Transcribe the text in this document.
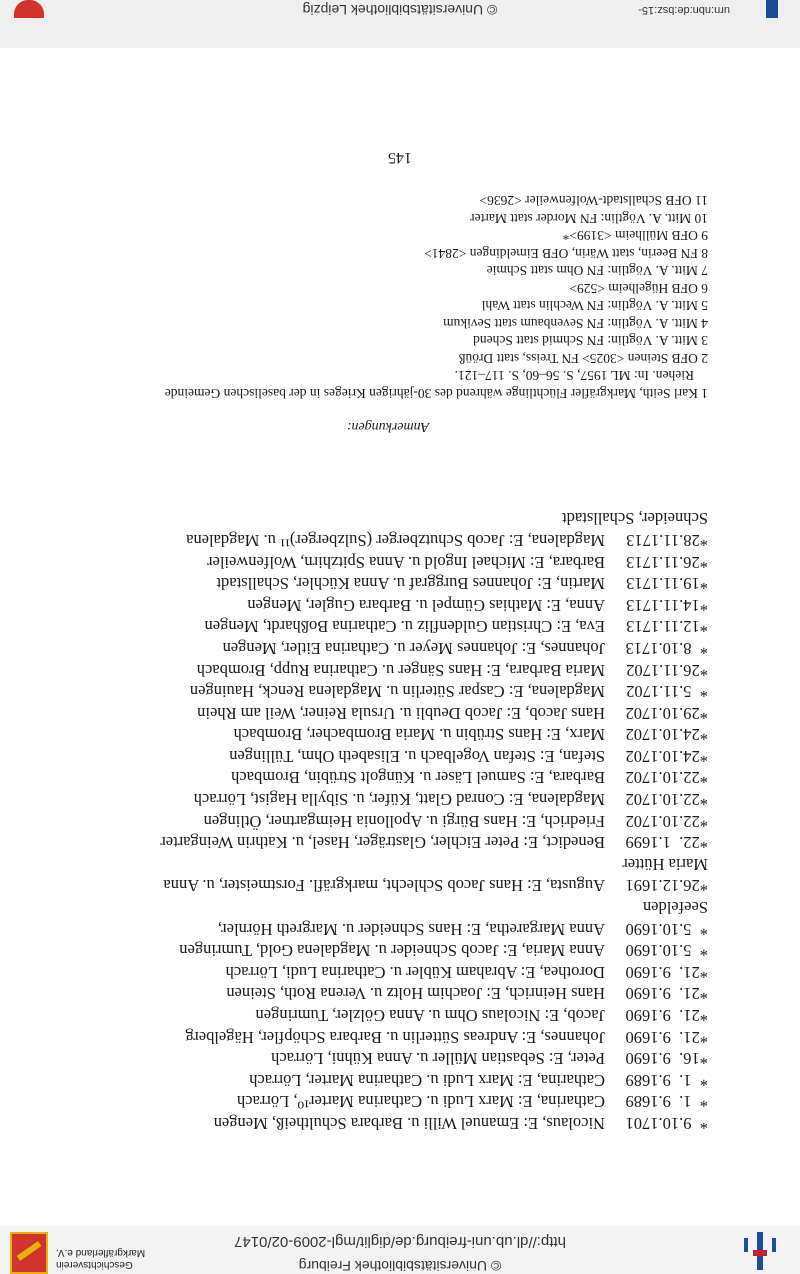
© Universitätsbibliothek Freiburg
http://dl.ub.uni-freiburg.de/diglit/mgl-2009-02/0147
Geschichtsverein
Markgräflerland e.V.
*  9.10.1701
Nicolaus, E: Emanuel Willi u. Barbara Schultheiß, Mengen
*  1.  9.1689
Catharina, E: Marx Ludi u. Catharina Marter¹⁰, Lörrach
*  1.  9.1689
Catharina, E: Marx Ludi u. Catharina Marter, Lörrach
*16.  9.1690
Peter, E: Sebastian Müller u. Anna Kühni, Lörrach
*21.  9.1690
Johannes, E: Andreas Sütterlin u. Barbara Schöpfler, Hägelberg
*21.  9.1690
Jacob, E: Nicolaus Ohm u. Anna Gölzler, Tumringen
*21.  9.1690
Hans Heinrich, E: Joachim Holtz u. Verena Roth, Steinen
*21.  9.1690
Dorothea, E: Abraham Kübler u. Catharina Ludi, Lörrach
*  5.10.1690
Anna Maria, E: Jacob Schneider u. Magdalena Gold, Tumringen
*  5.10.1690
Anna Margaretha, E: Hans Schneider u. Margreth Hörnler,
Seefelden
*26.12.1691
Augusta, E: Hans Jacob Schlecht, markgräfl. Forstmeister, u. Anna
Maria Hütter
*22.  1.1699
Benedict, E: Peter Eichler, Glasträger, Hasel, u. Kathrin Weingarter
*22.10.1702
Friedrich, E: Hans Bürgi u. Apollonia Heimgartner, Ötlingen
*22.10.1702
Magdalena, E: Conrad Glatt, Küfer, u. Sibylla Hagist, Lörrach
*22.10.1702
Barbara, E: Samuel Läser u. Küngolt Strübin, Brombach
*24.10.1702
Stefan, E: Stefan Vogelbach u. Elisabeth Ohm, Tüllingen
*24.10.1702
Marx, E: Hans Strübin u. Maria Brombacher, Brombach
*29.10.1702
Hans Jacob, E: Jacob Deubli u. Ursula Reiner, Weil am Rhein
*  5.11.1702
Magdalena, E: Caspar Süterlin u. Magdalena Renck, Hauingen
*26.11.1702
Maria Barbara, E: Hans Sänger u. Catharina Rupp, Brombach
*  8.10.1713
Johannes, E: Johannes Meyer u. Catharina Eitler, Mengen
*12.11.1713
Eva, E: Christian Guldenfliz u. Catharina Boßhardt, Mengen
*14.11.1713
Anna, E: Mathias Gümpel u. Barbara Gugler, Mengen
*19.11.1713
Martin, E: Johannes Burggraf u. Anna Küchler, Schallstadt
*26.11.1713
Barbara, E: Michael Ingold u. Anna Spitzhirn, Wolfenweiler
*28.11.1713
Magdalena, E: Jacob Schutzberger (Sulzberger)¹¹ u. Magdalena
Schneider, Schallstadt
Anmerkungen:
1 Karl Seith, Markgräfler Flüchtlinge während des 30-jährigen Krieges in der baselischen Gemeinde
Riehen. In: ML 1957, S. 56–60, S. 117–121.
2 OFB Steinen <3025> FN Treiss, statt Dröüß
3 Mitt. A. Vögtlin: FN Schmid statt Schend
4 Mitt. A. Vögtlin: FN Sevenbaum statt Sevikum
5 Mitt. A. Vögtlin: FN Wechlin statt Wahl
6 OFB Hügelheim <529>
7 Mitt. A. Vögtlin: FN Ohm statt Schmie
8 FN Beerin, statt Wärin, OFB Eimeldingen <2841>
9 OFB Müllheim <3199>*
10 Mitt. A. Vögtlin: FN Morder statt Marter
11 OFB Schallstadt-Wolfenweiler <2636>
145
urn:nbn:de:bsz:15-
© Universitätsbibliothek Leipzig
